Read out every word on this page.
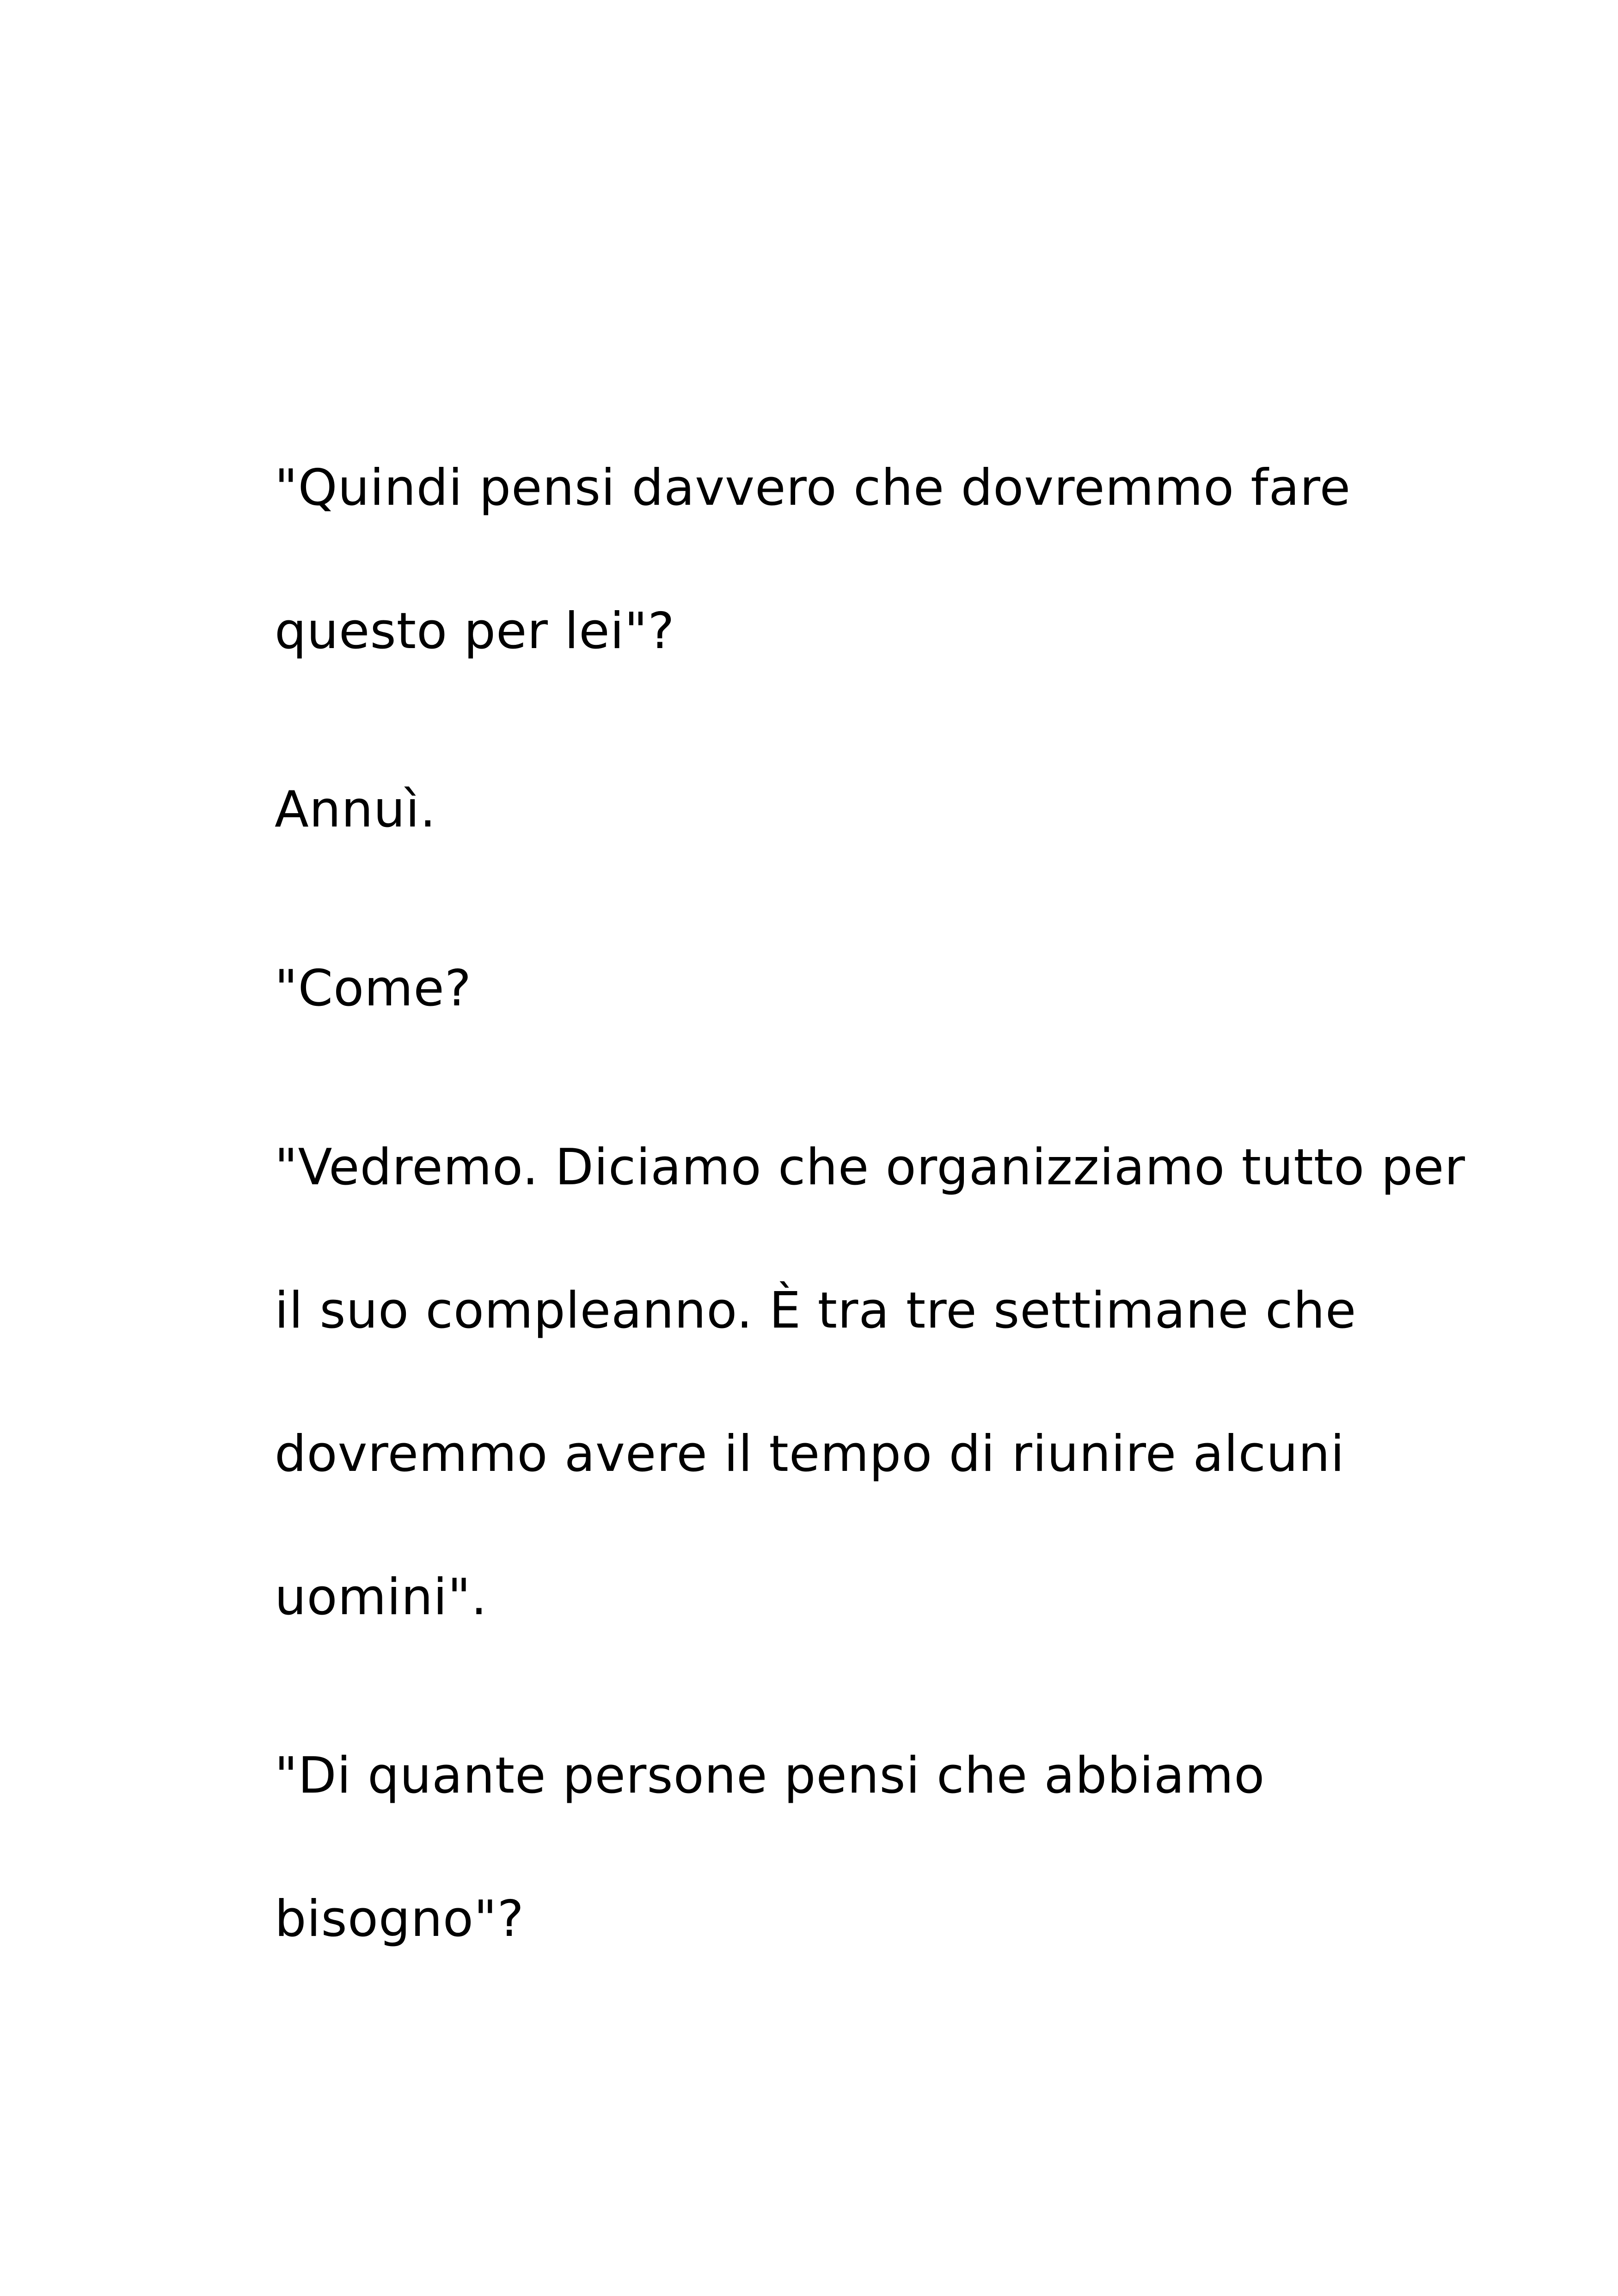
"Quindi pensi davvero che dovremmo fare

questo per lei"?

Annuì.

"Come?

"Vedremo. Diciamo che organizziamo tutto per

il suo compleanno. È tra tre settimane che

dovremmo avere il tempo di riunire alcuni

uomini".

"Di quante persone pensi che abbiamo

bisogno"?
